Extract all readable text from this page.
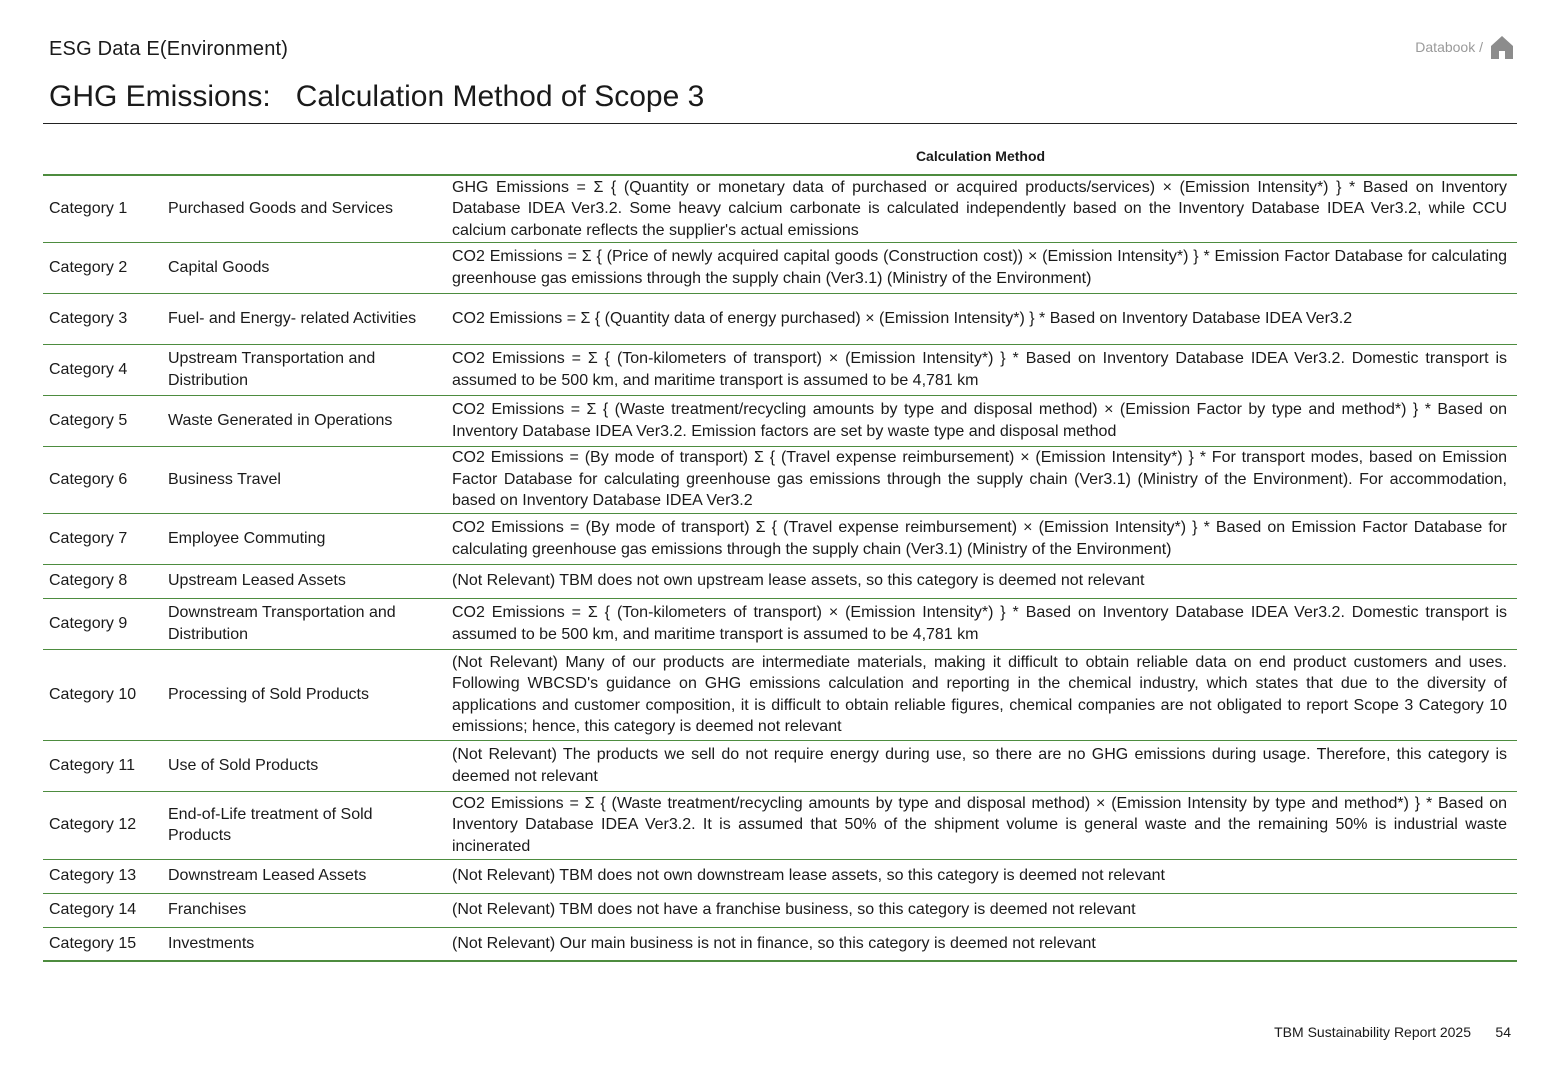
ESG Data E(Environment)	Databook /
GHG Emissions:   Calculation Method of Scope 3
		Calculation Method
Category 1	Purchased Goods and Services	GHG Emissions = Σ { (Quantity or monetary data of purchased or acquired products/services) × (Emission Intensity*) } * Based on Inventory Database IDEA Ver3.2. Some heavy calcium carbonate is calculated independently based on the Inventory Database IDEA Ver3.2, while CCU calcium carbonate reflects the supplier's actual emissions
Category 2	Capital Goods	CO2 Emissions = Σ { (Price of newly acquired capital goods (Construction cost)) × (Emission Intensity*) } * Emission Factor Database for calculating greenhouse gas emissions through the supply chain (Ver3.1) (Ministry of the Environment)
Category 3	Fuel- and Energy- related Activities	CO2 Emissions = Σ { (Quantity data of energy purchased) × (Emission Intensity*) } * Based on Inventory Database IDEA Ver3.2
Category 4	Upstream Transportation and Distribution	CO2 Emissions = Σ { (Ton-kilometers of transport) × (Emission Intensity*) } * Based on Inventory Database IDEA Ver3.2. Domestic transport is assumed to be 500 km, and maritime transport is assumed to be 4,781 km
Category 5	Waste Generated in Operations	CO2 Emissions = Σ { (Waste treatment/recycling amounts by type and disposal method) × (Emission Factor by type and method*) } * Based on Inventory Database IDEA Ver3.2. Emission factors are set by waste type and disposal method
Category 6	Business Travel	CO2 Emissions = (By mode of transport) Σ { (Travel expense reimbursement) × (Emission Intensity*) } * For transport modes, based on Emission Factor Database for calculating greenhouse gas emissions through the supply chain (Ver3.1) (Ministry of the Environment). For accommodation, based on Inventory Database IDEA Ver3.2
Category 7	Employee Commuting	CO2 Emissions = (By mode of transport) Σ { (Travel expense reimbursement) × (Emission Intensity*) } * Based on Emission Factor Database for calculating greenhouse gas emissions through the supply chain (Ver3.1) (Ministry of the Environment)
Category 8	Upstream Leased Assets	(Not Relevant) TBM does not own upstream lease assets, so this category is deemed not relevant
Category 9	Downstream Transportation and Distribution	CO2 Emissions = Σ { (Ton-kilometers of transport) × (Emission Intensity*) } * Based on Inventory Database IDEA Ver3.2. Domestic transport is assumed to be 500 km, and maritime transport is assumed to be 4,781 km
Category 10	Processing of Sold Products	(Not Relevant) Many of our products are intermediate materials, making it difficult to obtain reliable data on end product customers and uses. Following WBCSD's guidance on GHG emissions calculation and reporting in the chemical industry, which states that due to the diversity of applications and customer composition, it is difficult to obtain reliable figures, chemical companies are not obligated to report Scope 3 Category 10 emissions; hence, this category is deemed not relevant
Category 11	Use of Sold Products	(Not Relevant) The products we sell do not require energy during use, so there are no GHG emissions during usage. Therefore, this category is deemed not relevant
Category 12	End-of-Life treatment of Sold Products	CO2 Emissions = Σ { (Waste treatment/recycling amounts by type and disposal method) × (Emission Intensity by type and method*) } * Based on Inventory Database IDEA Ver3.2. It is assumed that 50% of the shipment volume is general waste and the remaining 50% is industrial waste incinerated
Category 13	Downstream Leased Assets	(Not Relevant) TBM does not own downstream lease assets, so this category is deemed not relevant
Category 14	Franchises	(Not Relevant) TBM does not have a franchise business, so this category is deemed not relevant
Category 15	Investments	(Not Relevant) Our main business is not in finance, so this category is deemed not relevant
TBM Sustainability Report 2025 54
